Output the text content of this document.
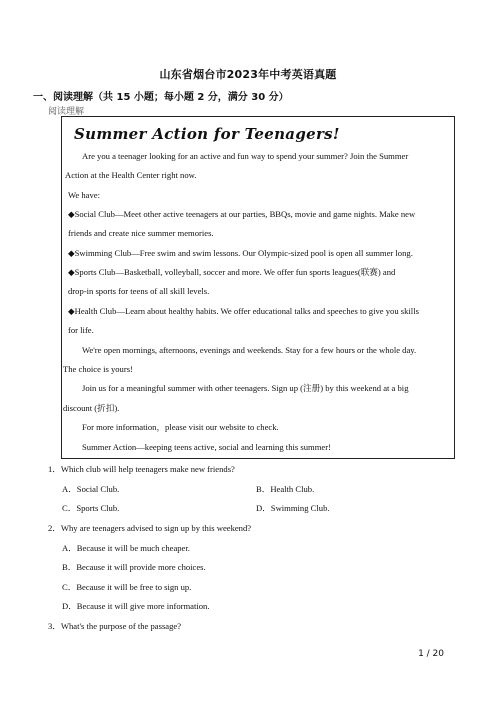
山东省烟台市2023年中考英语真题
一、阅读理解（共 15 小题；每小题 2 分，满分 30 分）
阅读理解
Summer Action for Teenagers!
Are you a teenager looking for an active and fun way to spend your summer? Join the Summer
Action at the Health Center right now.
We have:
◆Social Club—Meet other active teenagers at our parties, BBQs, movie and game nights. Make new
friends and create nice summer memories.
◆Swimming Club—Free swim and swim lessons. Our Olympic-sized pool is open all summer long.
◆Sports Club—Basketball, volleyball, soccer and more. We offer fun sports leagues(联赛) and
drop-in sports for teens of all skill levels.
◆Health Club—Learn about healthy habits. We offer educational talks and speeches to give you skills
for life.
We're open mornings, afternoons, evenings and weekends. Stay for a few hours or the whole day.
The choice is yours!
Join us for a meaningful summer with other teenagers. Sign up (注册) by this weekend at a big
discount (折扣).
For more information，please visit our website to check.
Summer Action—keeping teens active, social and learning this summer!
1．Which club will help teenagers make new friends?
A．Social Club.	B．Health Club.
C．Sports Club.	D．Swimming Club.
2．Why are teenagers advised to sign up by this weekend?
A．Because it will be much cheaper.
B．Because it will provide more choices.
C．Because it will be free to sign up.
D．Because it will give more information.
3．What's the purpose of the passage?
1 / 20
